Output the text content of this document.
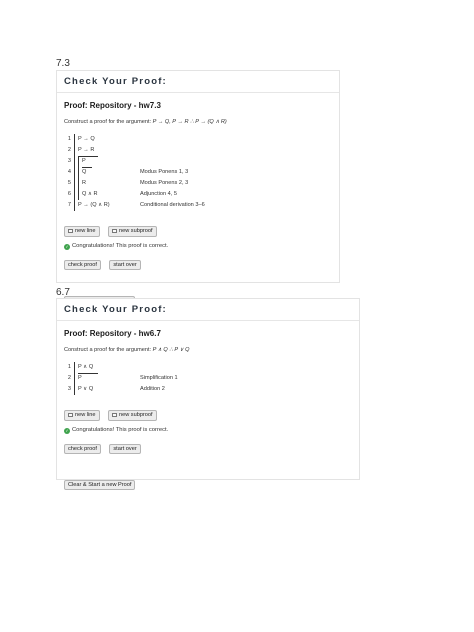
7.3
Check Your Proof:
Proof: Repository - hw7.3
Construct a proof for the argument: P → Q, P → R ∴ P → (Q ∧ R)
1 P → Q
2 P → R
3 P
4 Q	Modus Ponens 1, 3
5 R	Modus Ponens 2, 3
6 Q ∧ R	Adjunction 4, 5
7 P → (Q ∧ R)	Conditional derivation 3–6
new line	new subproof
✓ Congratulations! This proof is correct.
check proof	start over
6.7
Check Your Proof:
Proof: Repository - hw6.7
Construct a proof for the argument: P ∧ Q ∴ P ∨ Q
1 P ∧ Q
2 P	Simplification 1
3 P ∨ Q	Addition 2
new line	new subproof
✓ Congratulations! This proof is correct.
check proof	start over
Clear & Start a new Proof
